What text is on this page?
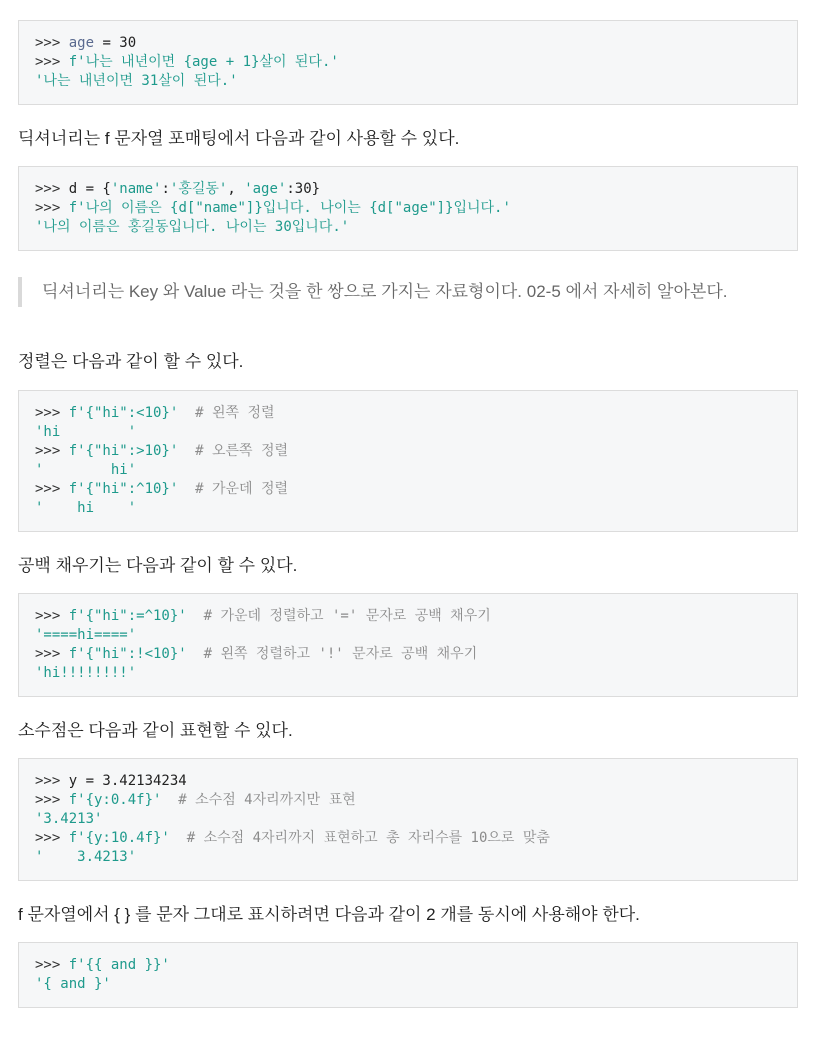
>>> age = 30
>>> f'나는 내년이면 {age + 1}살이 된다.'
'나는 내년이면 31살이 된다.'

딕셔너리는 f 문자열 포매팅에서 다음과 같이 사용할 수 있다.

>>> d = {'name':'홍길동', 'age':30}
>>> f'나의 이름은 {d["name"]}입니다. 나이는 {d["age"]}입니다.'
'나의 이름은 홍길동입니다. 나이는 30입니다.'
딕셔너리는 Key 와 Value 라는 것을 한 쌍으로 가지는 자료형이다. 02-5 에서 자세히 알아본다.

정렬은 다음과 같이 할 수 있다.

>>> f'{"hi":<10}'  # 왼쪽 정렬
'hi        '
>>> f'{"hi":>10}'  # 오른쪽 정렬
'        hi'
>>> f'{"hi":^10}'  # 가운데 정렬
'    hi    '

공백 채우기는 다음과 같이 할 수 있다.

>>> f'{"hi":=^10}'  # 가운데 정렬하고 '=' 문자로 공백 채우기
'====hi===='
>>> f'{"hi":!<10}'  # 왼쪽 정렬하고 '!' 문자로 공백 채우기
'hi!!!!!!!!'

소수점은 다음과 같이 표현할 수 있다.

>>> y = 3.42134234
>>> f'{y:0.4f}'  # 소수점 4자리까지만 표현
'3.4213'
>>> f'{y:10.4f}'  # 소수점 4자리까지 표현하고 총 자리수를 10으로 맞춤
'    3.4213'

f 문자열에서 { } 를 문자 그대로 표시하려면 다음과 같이 2 개를 동시에 사용해야 한다.

>>> f'{{ and }}'
'{ and }'
